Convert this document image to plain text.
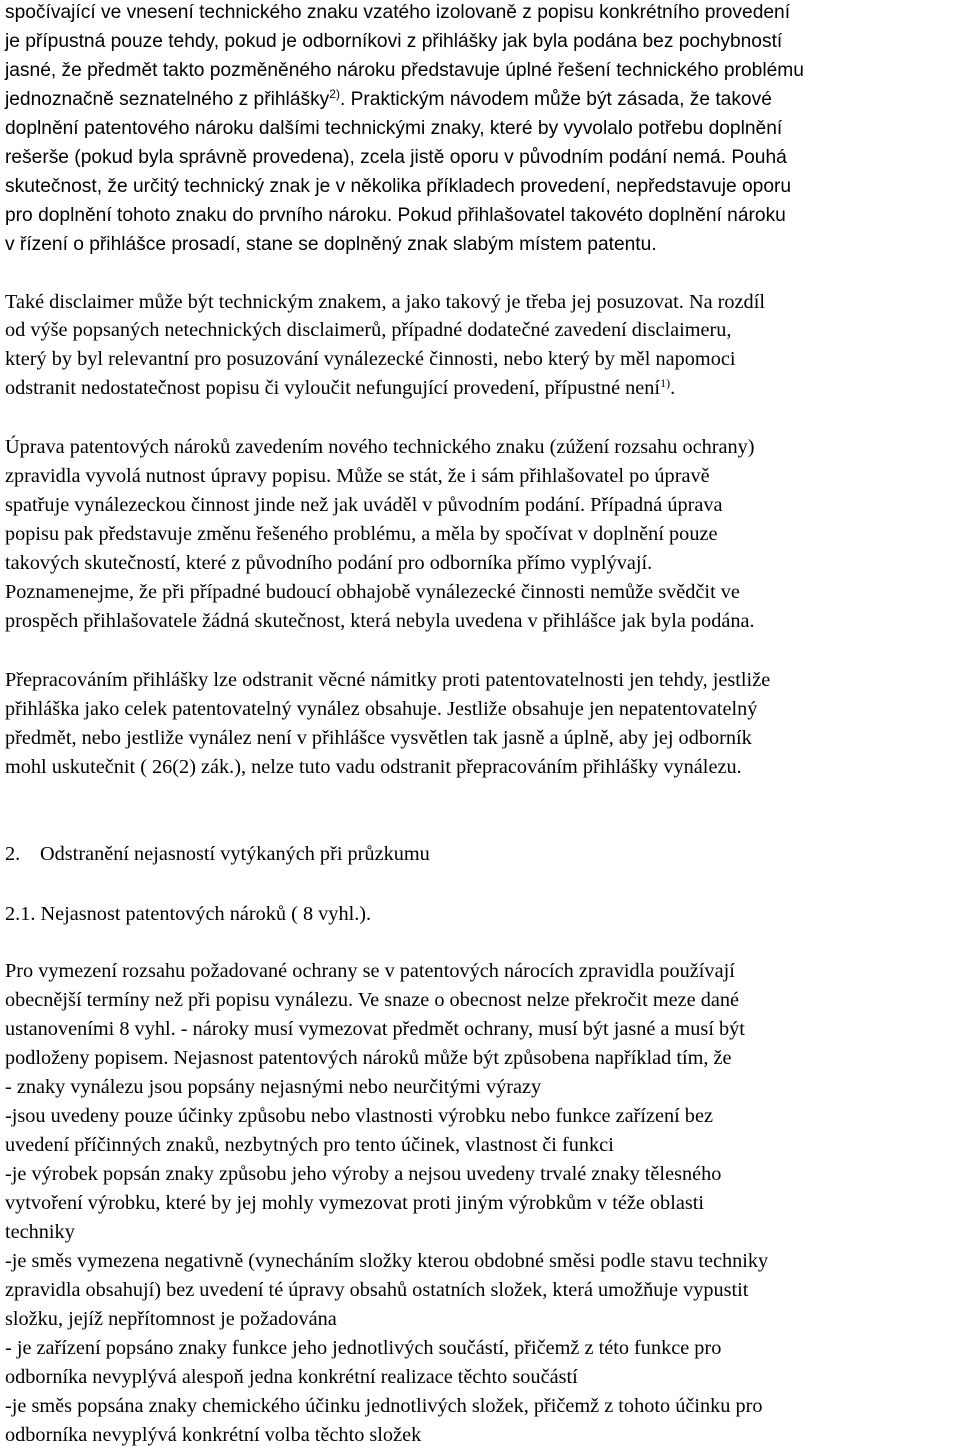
spočívající ve vnesení technického znaku vzatého izolovaně z popisu konkrétního provedení
je přípustná pouze tehdy, pokud je odborníkovi z přihlášky jak byla podána bez pochybností
jasné, že předmět takto pozměněného nároku představuje úplné řešení technického problému
jednoznačně seznatelného z přihlášky$^{2)}$. Praktickým návodem může být zásada, že takové
doplnění patentového nároku dalšími technickými znaky, které by vyvolalo potřebu doplnění
rešerše (pokud byla správně provedena), zcela jistě oporu v původním podání nemá. Pouhá
skutečnost, že určitý technický znak je v několika příkladech provedení, nepředstavuje oporu
pro doplnění tohoto znaku do prvního nároku. Pokud přihlašovatel takovéto doplnění nároku
v řízení o přihlášce prosadí, stane se doplněný znak slabým místem patentu.
Také disclaimer může být technickým znakem, a jako takový je třeba jej posuzovat. Na rozdíl
od výše popsaných netechnických disclaimerů, případné dodatečné zavedení disclaimeru,
který by byl relevantní pro posuzování vynálezecké činnosti, nebo který by měl napomoci
odstranit nedostatečnost popisu či vyloučit nefungující provedení, přípustné není$^{1)}$.
Úprava patentových nároků zavedením nového technického znaku (zúžení rozsahu ochrany)
zpravidla vyvolá nutnost úpravy popisu. Může se stát, že i sám přihlašovatel po úpravě
spatřuje vynálezeckou činnost jinde než jak uváděl v původním podání. Případná úprava
popisu pak představuje změnu řešeného problému, a měla by spočívat v doplnění pouze
takových skutečností, které z původního podání pro odborníka přímo vyplývají.
Poznamenejme, že při případné budoucí obhajobě vynálezecké činnosti nemůže svědčit ve
prospěch přihlašovatele žádná skutečnost, která nebyla uvedena v přihlášce jak byla podána.
Přepracováním přihlášky lze odstranit věcné námitky proti patentovatelnosti jen tehdy, jestliže
přihláška jako celek patentovatelný vynález obsahuje. Jestliže obsahuje jen nepatentovatelný
předmět, nebo jestliže vynález není v přihlášce vysvětlen tak jasně a úplně, aby jej odborník
mohl uskutečnit ( 26(2) zák.), nelze tuto vadu odstranit přepracováním přihlášky vynálezu.
2. Odstranění nejasností vytýkaných při průzkumu
2.1. Nejasnost patentových nároků ( 8 vyhl.).
Pro vymezení rozsahu požadované ochrany se v patentových nárocích zpravidla používají
obecnější termíny než při popisu vynálezu. Ve snaze o obecnost nelze překročit meze dané
ustanoveními 8 vyhl. - nároky musí vymezovat předmět ochrany, musí být jasné a musí být
podloženy popisem. Nejasnost patentových nároků může být způsobena například tím, že
- znaky vynálezu jsou popsány nejasnými nebo neurčitými výrazy
-jsou uvedeny pouze účinky způsobu nebo vlastnosti výrobku nebo funkce zařízení bez
uvedení příčinných znaků, nezbytných pro tento účinek, vlastnost či funkci
-je výrobek popsán znaky způsobu jeho výroby a nejsou uvedeny trvalé znaky tělesného
vytvoření výrobku, které by jej mohly vymezovat proti jiným výrobkům v téže oblasti
techniky
-je směs vymezena negativně (vynecháním složky kterou obdobné směsi podle stavu techniky
zpravidla obsahují) bez uvedení té úpravy obsahů ostatních složek, která umožňuje vypustit
složku, jejíž nepřítomnost je požadována
- je zařízení popsáno znaky funkce jeho jednotlivých součástí, přičemž z této funkce pro
odborníka nevyplývá alespoň jedna konkrétní realizace těchto součástí
-je směs popsána znaky chemického účinku jednotlivých složek, přičemž z tohoto účinku pro
odborníka nevyplývá konkrétní volba těchto složek
